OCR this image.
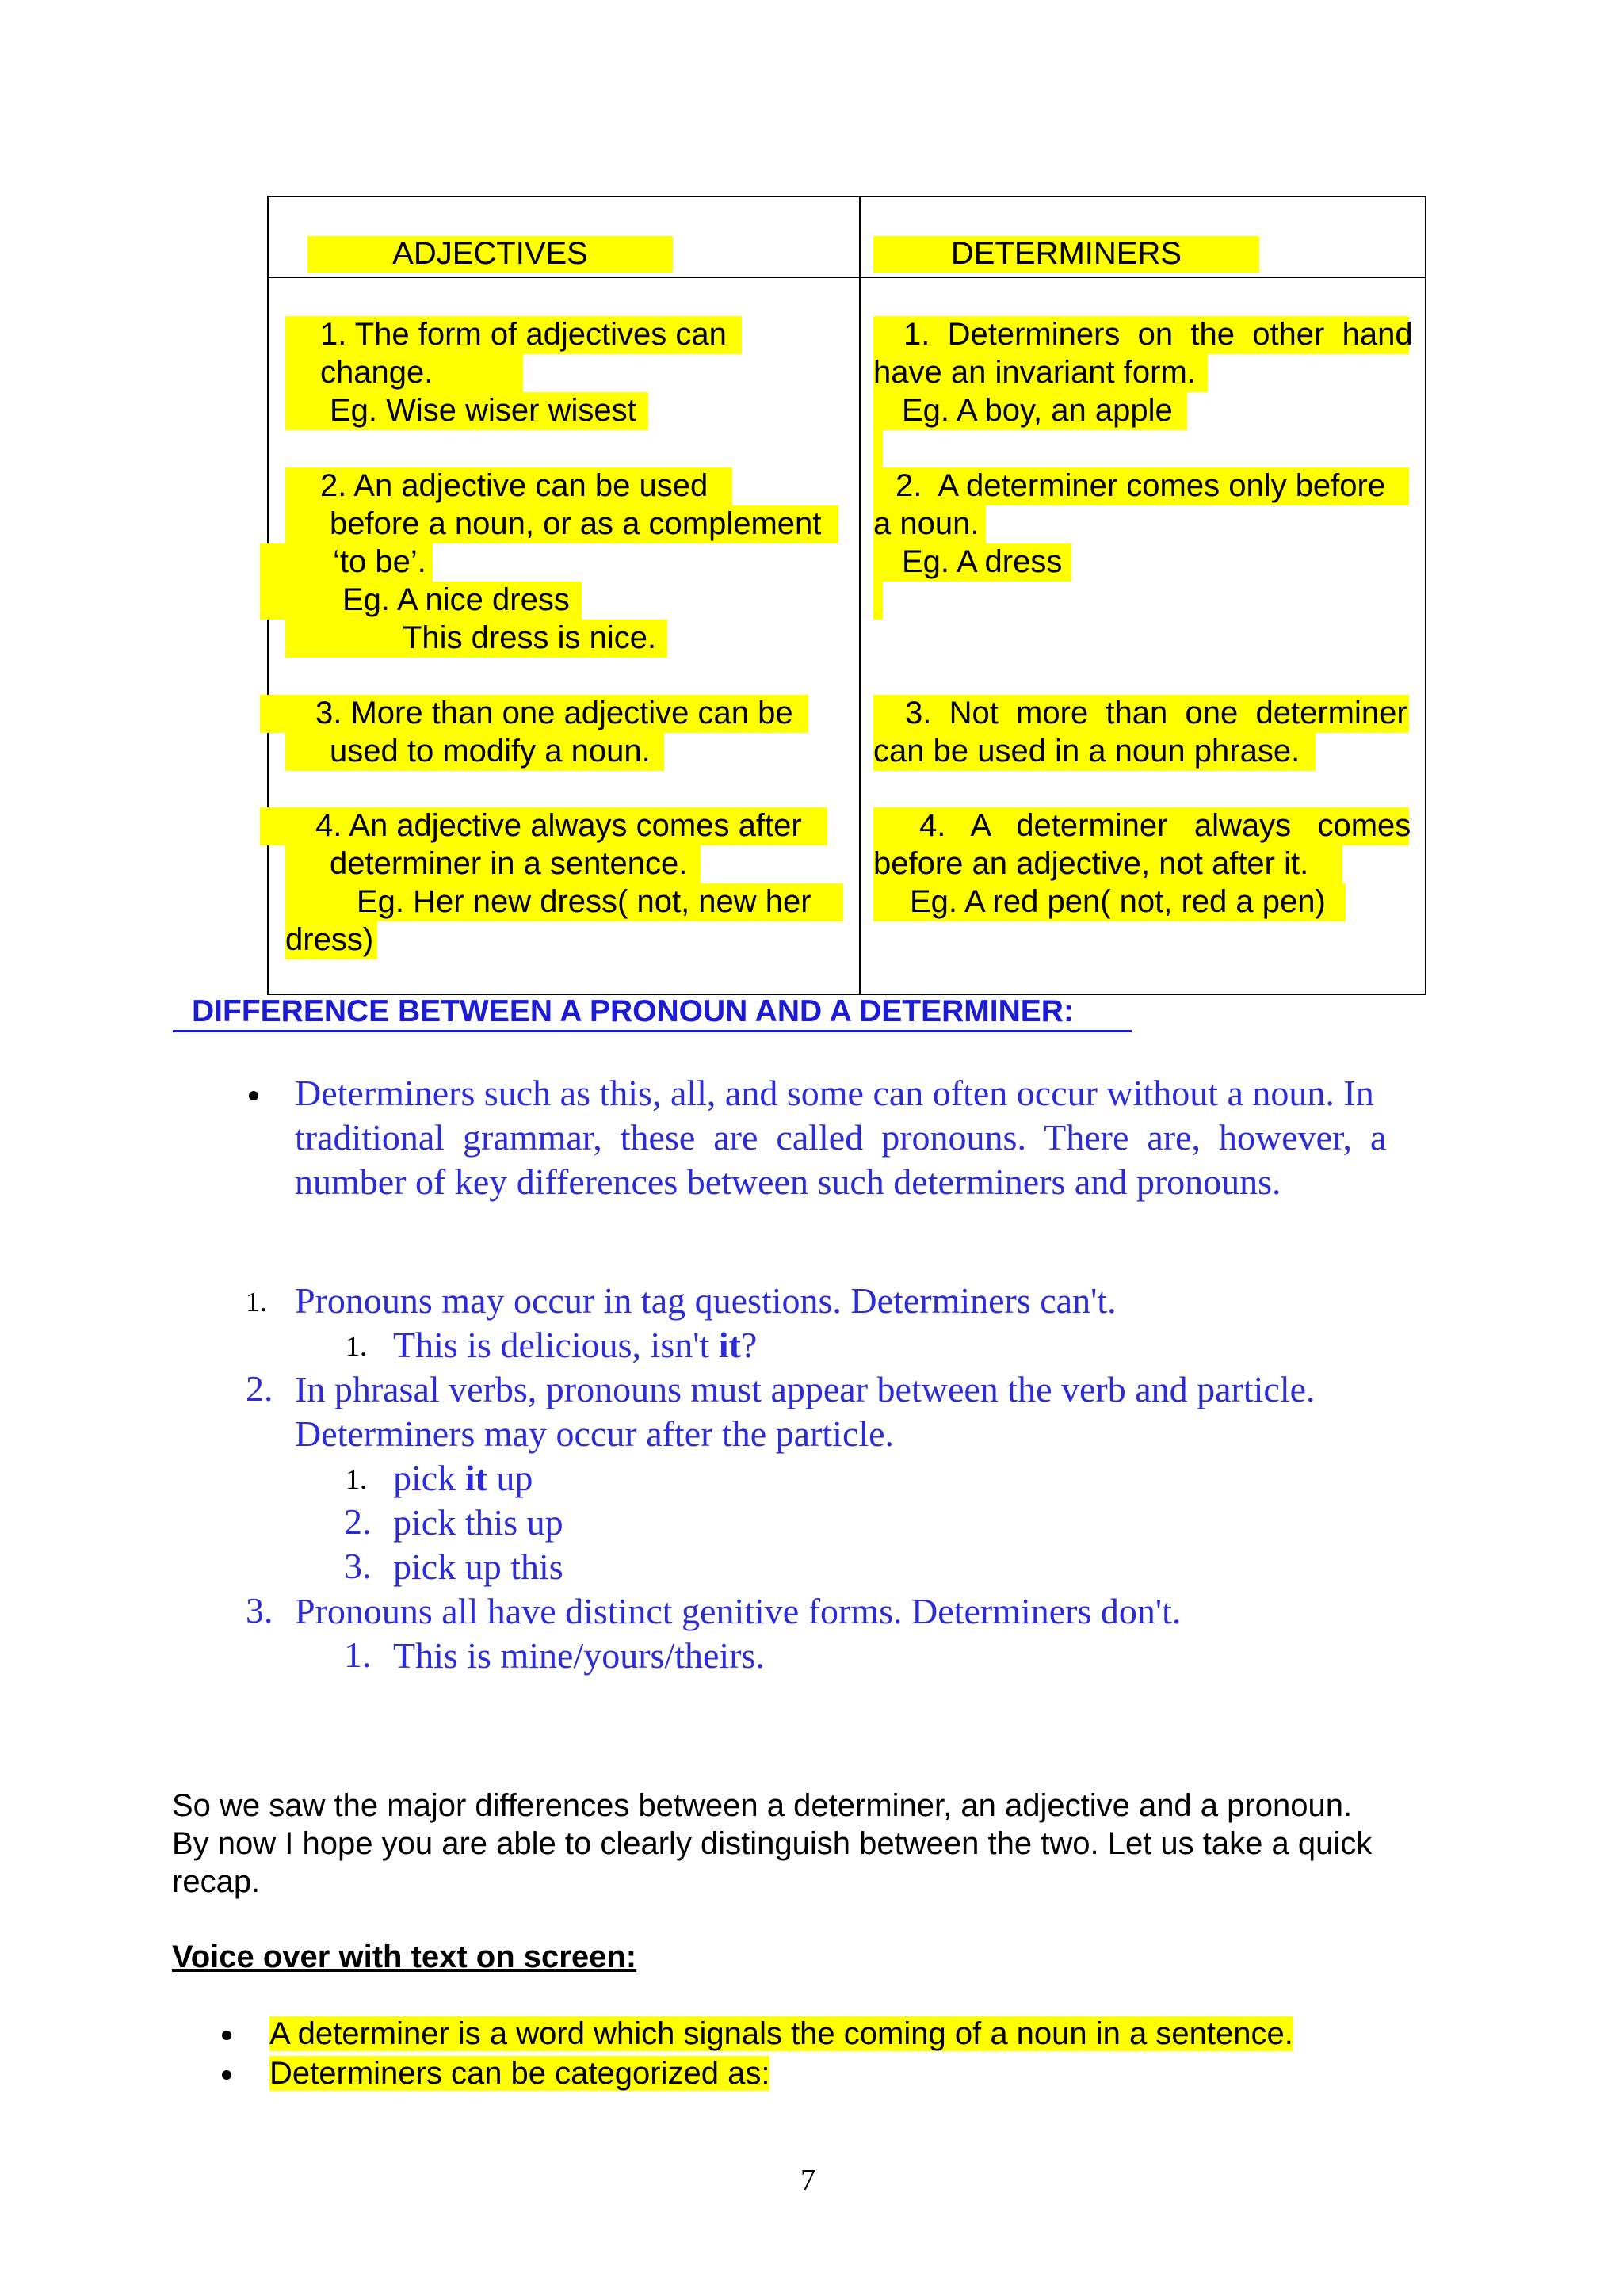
ADJECTIVES	DETERMINERS
1. The form of adjectives can
change.
Eg. Wise wiser wisest
2. An adjective can be used
before a noun, or as a complement
‘to be’.
Eg. A nice dress
This dress is nice.
3. More than one adjective can be
used to modify a noun.
4. An adjective always comes after
determiner in a sentence.
Eg. Her new dress( not, new her
dress)
1.  Determiners  on  the  other  hand
have an invariant form.
Eg. A boy, an apple
2.  A determiner comes only before
a noun.
Eg. A dress
3.  Not  more  than  one  determiner
can be used in a noun phrase.
4.   A   determiner   always   comes
before an adjective, not after it.
Eg. A red pen( not, red a pen)
DIFFERENCE BETWEEN A PRONOUN AND A DETERMINER:
Determiners such as this, all, and some can often occur without a noun. In
traditional  grammar,  these  are  called  pronouns.  There  are,  however,  a
number of key differences between such determiners and pronouns.
1. Pronouns may occur in tag questions. Determiners can't.
1. This is delicious, isn't it?
2. In phrasal verbs, pronouns must appear between the verb and particle.
Determiners may occur after the particle.
1. pick it up
2. pick this up
3. pick up this
3. Pronouns all have distinct genitive forms. Determiners don't.
1. This is mine/yours/theirs.
So we saw the major differences between a determiner, an adjective and a pronoun.
By now I hope you are able to clearly distinguish between the two. Let us take a quick
recap.
Voice over with text on screen:
A determiner is a word which signals the coming of a noun in a sentence.
Determiners can be categorized as:
7
